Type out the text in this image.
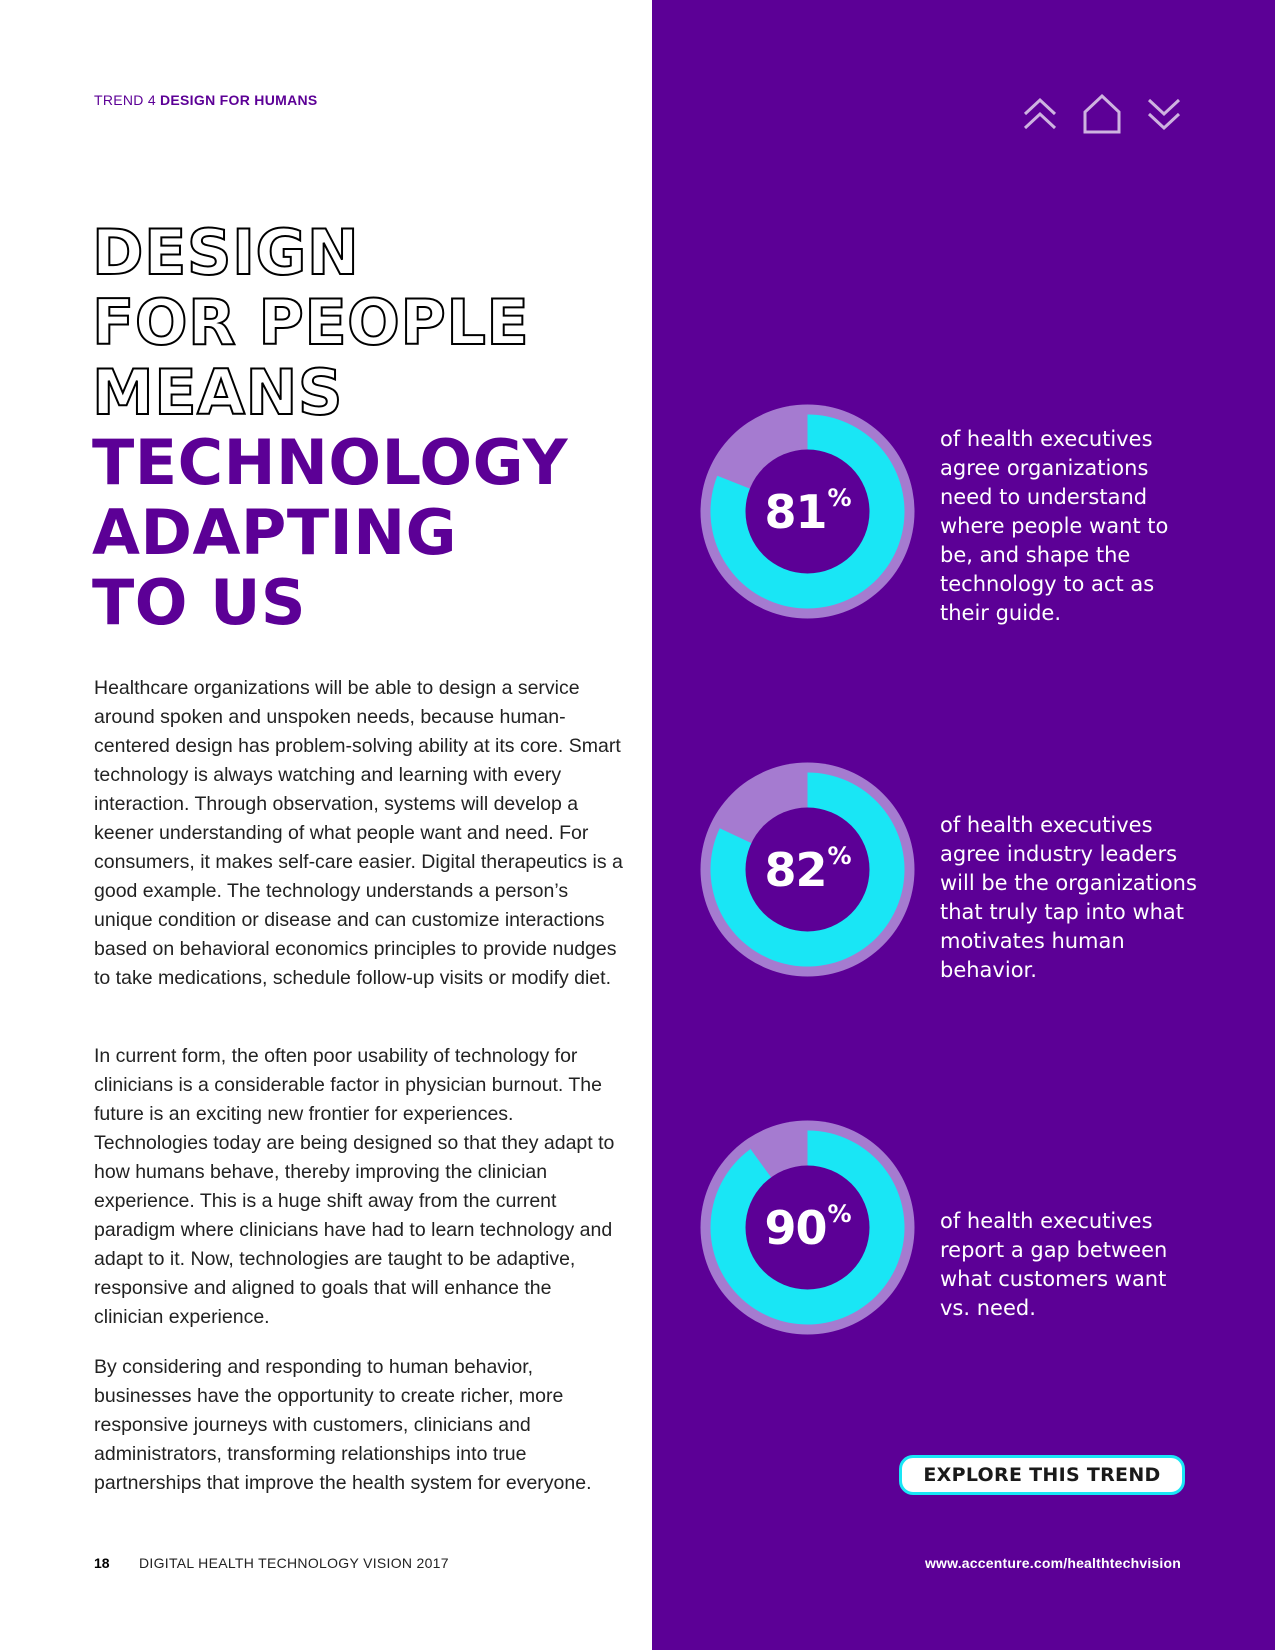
TREND 4 DESIGN FOR HUMANS
DESIGN
FOR PEOPLE
MEANS
TECHNOLOGY
ADAPTING
TO US

Healthcare organizations will be able to design a service around spoken and unspoken needs, because human-centered design has problem-solving ability at its core. Smart technology is always watching and learning with every interaction. Through observation, systems will develop a keener understanding of what people want and need. For consumers, it makes self-care easier. Digital therapeutics is a good example. The technology understands a person’s unique condition or disease and can customize interactions based on behavioral economics principles to provide nudges to take medications, schedule follow-up visits or modify diet.

In current form, the often poor usability of technology for clinicians is a considerable factor in physician burnout. The future is an exciting new frontier for experiences. Technologies today are being designed so that they adapt to how humans behave, thereby improving the clinician experience. This is a huge shift away from the current paradigm where clinicians have had to learn technology and adapt to it. Now, technologies are taught to be adaptive, responsive and aligned to goals that will enhance the clinician experience.

By considering and responding to human behavior, businesses have the opportunity to create richer, more responsive journeys with customers, clinicians and administrators, transforming relationships into true partnerships that improve the health system for everyone.

81 %

of health executives agree organizations need to understand where people want to be, and shape the technology to act as their guide.

82 %

of health executives agree industry leaders will be the organizations that truly tap into what motivates human behavior.

90 %	of health executives report a gap between what customers want vs. need.

EXPLORE THIS TREND
18 DIGITAL HEALTH TECHNOLOGY VISION 2017	www.accenture.com/healthtechvision
